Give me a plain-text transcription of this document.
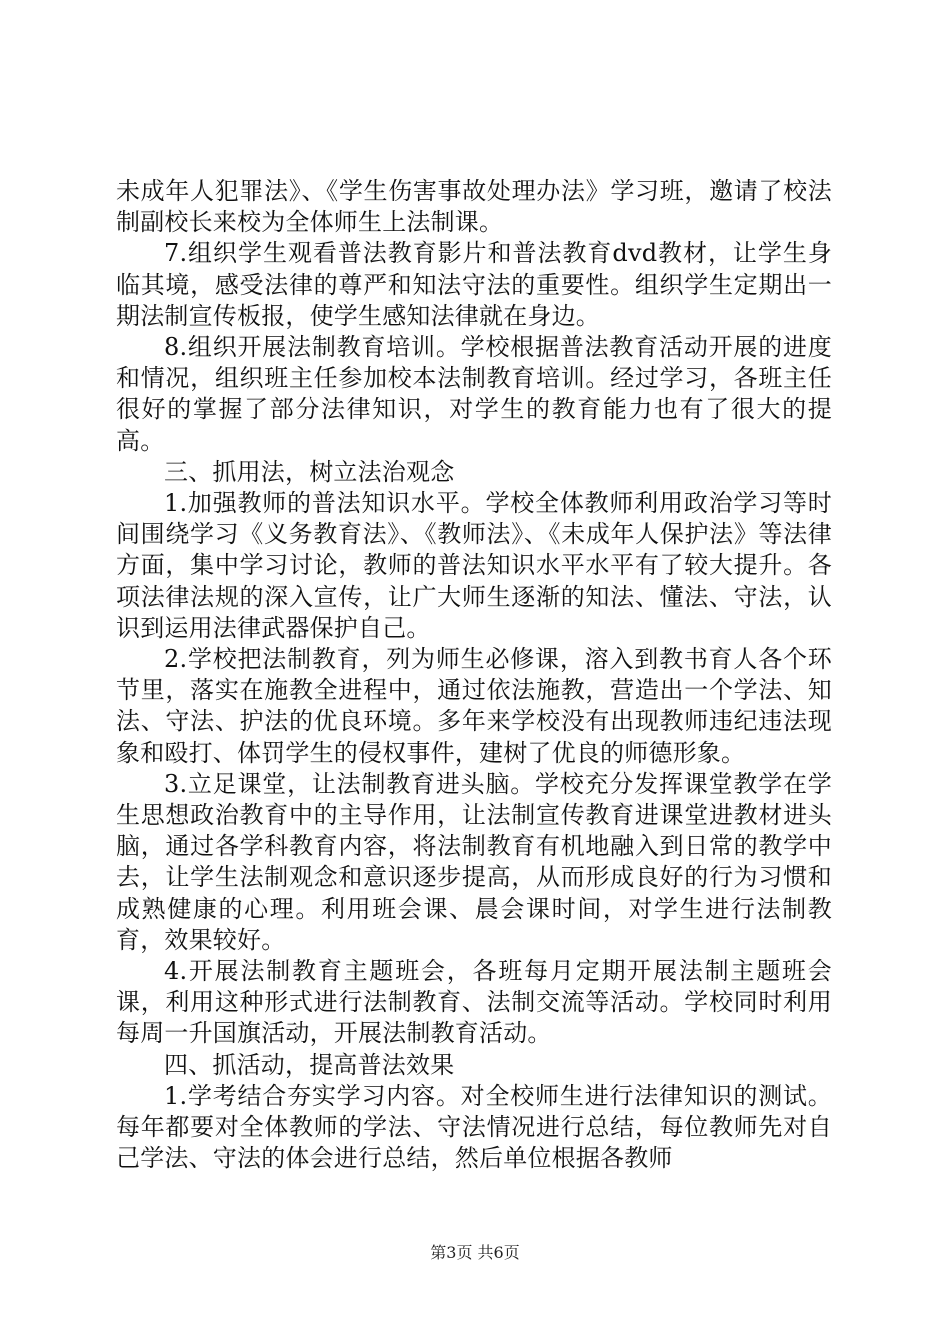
未成年人犯罪法》、《学生伤害事故处理办法》学习班，邀请了校法制副校长来校为全体师生上法制课。

7.组织学生观看普法教育影片和普法教育dvd教材，让学生身临其境，感受法律的尊严和知法守法的重要性。组织学生定期出一期法制宣传板报，使学生感知法律就在身边。

8.组织开展法制教育培训。学校根据普法教育活动开展的进度和情况，组织班主任参加校本法制教育培训。经过学习，各班主任很好的掌握了部分法律知识，对学生的教育能力也有了很大的提高。

三、抓用法，树立法治观念

1.加强教师的普法知识水平。学校全体教师利用政治学习等时间围绕学习《义务教育法》、《教师法》、《未成年人保护法》等法律方面，集中学习讨论，教师的普法知识水平水平有了较大提升。各项法律法规的深入宣传，让广大师生逐渐的知法、懂法、守法，认识到运用法律武器保护自己。

2.学校把法制教育，列为师生必修课，溶入到教书育人各个环节里，落实在施教全进程中，通过依法施教，营造出一个学法、知法、守法、护法的优良环境。多年来学校没有出现教师违纪违法现象和殴打、体罚学生的侵权事件，建树了优良的师德形象。

3.立足课堂，让法制教育进头脑。学校充分发挥课堂教学在学生思想政治教育中的主导作用，让法制宣传教育进课堂进教材进头脑，通过各学科教育内容，将法制教育有机地融入到日常的教学中去，让学生法制观念和意识逐步提高，从而形成良好的行为习惯和成熟健康的心理。利用班会课、晨会课时间，对学生进行法制教育，效果较好。

4.开展法制教育主题班会，各班每月定期开展法制主题班会课，利用这种形式进行法制教育、法制交流等活动。学校同时利用每周一升国旗活动，开展法制教育活动。

四、抓活动，提高普法效果

1.学考结合夯实学习内容。对全校师生进行法律知识的测试。每年都要对全体教师的学法、守法情况进行总结，每位教师先对自己学法、守法的体会进行总结，然后单位根据各教师

第3页 共6页
